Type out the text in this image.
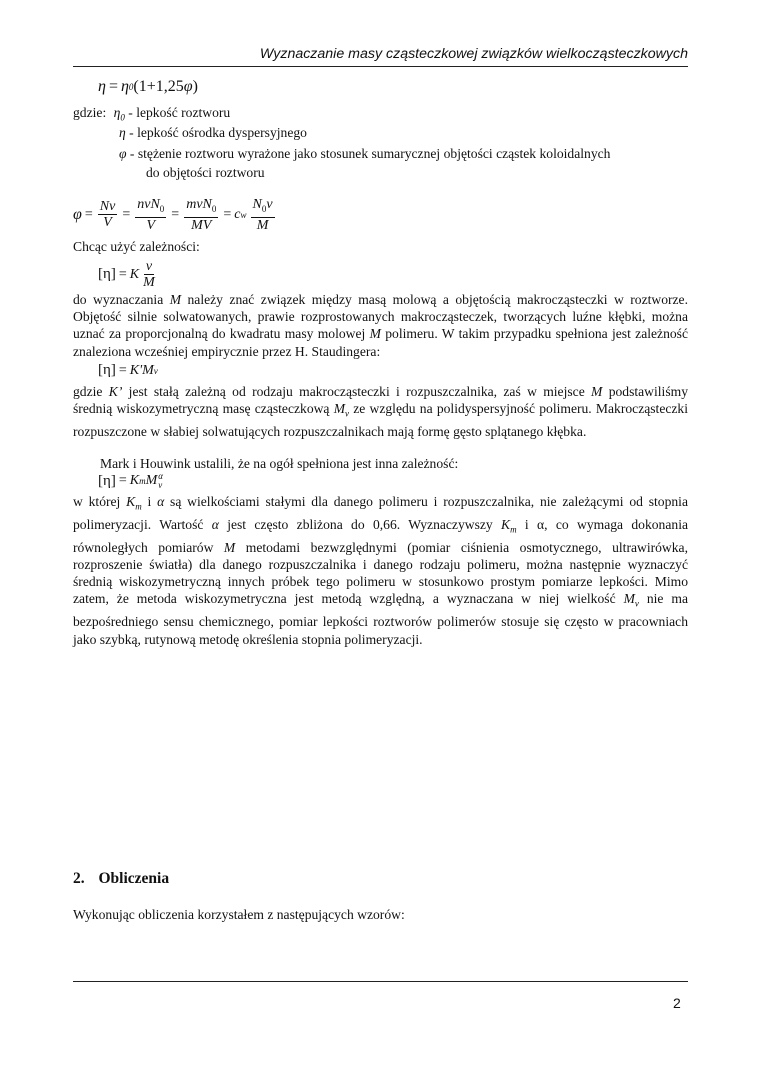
Wyznaczanie masy cząsteczkowej związków wielkocząsteczkowych
η = η 0 (1+1,25 φ )
gdzie: $\eta_0$ - lepkość roztworu
η - lepkość ośrodka dyspersyjnego
φ - stężenie roztworu wyrażone jako stosunek sumarycznej objętości cząstek koloidalnych
do objętości roztworu
$\varphi = \frac{Nv}{V} = \frac{nvN_0}{V} = \frac{mvN_0}{MV} = c$ w $\frac{N_0v}{M}$
Chcąc użyć zależności:
[η] = K $\frac{v}{M}$
do wyznaczania M należy znać związek między masą molową a objętością makrocząsteczki w roztworze. Objętość silnie solwatowanych, prawie rozprostowanych makrocząsteczek, tworzących luźne kłębki, można uznać za proporcjonalną do kwadratu masy molowej M polimeru. W takim przypadku spełniona jest zależność znaleziona wcześniej empirycznie przez H. Staudingera:
[η] = K'M v
gdzie K’ jest stałą zależną od rodzaju makrocząsteczki i rozpuszczalnika, zaś w miejsce M podstawiliśmy średnią wiskozymetryczną masę cząsteczkową $M_v$ ze względu na polidyspersyjność polimeru. Makrocząsteczki rozpuszczone w słabiej solwatujących rozpuszczalnikach mają formę gęsto splątanego kłębka.
Mark i Houwink ustalili, że na ogół spełniona jest inna zależność:
[η] = K m M α
v
w której $K_m$ i α są wielkościami stałymi dla danego polimeru i rozpuszczalnika, nie zależącymi od stopnia polimeryzacji. Wartość α jest często zbliżona do 0,66. Wyznaczywszy $K_m$ i α, co wymaga dokonania równoległych pomiarów M metodami bezwzględnymi (pomiar ciśnienia osmotycznego, ultrawirówka, rozproszenie światła) dla danego rozpuszczalnika i danego rodzaju polimeru, można następnie wyznaczyć średnią wiskozymetryczną innych próbek tego polimeru w stosunkowo prostym pomiarze lepkości. Mimo zatem, że metoda wiskozymetryczna jest metodą względną, a wyznaczana w niej wielkość $M_v$ nie ma bezpośredniego sensu chemicznego, pomiar lepkości roztworów polimerów stosuje się często w pracowniach jako szybką, rutynową metodę określenia stopnia polimeryzacji.
2. Obliczenia
Wykonując obliczenia korzystałem z następujących wzorów:
2
